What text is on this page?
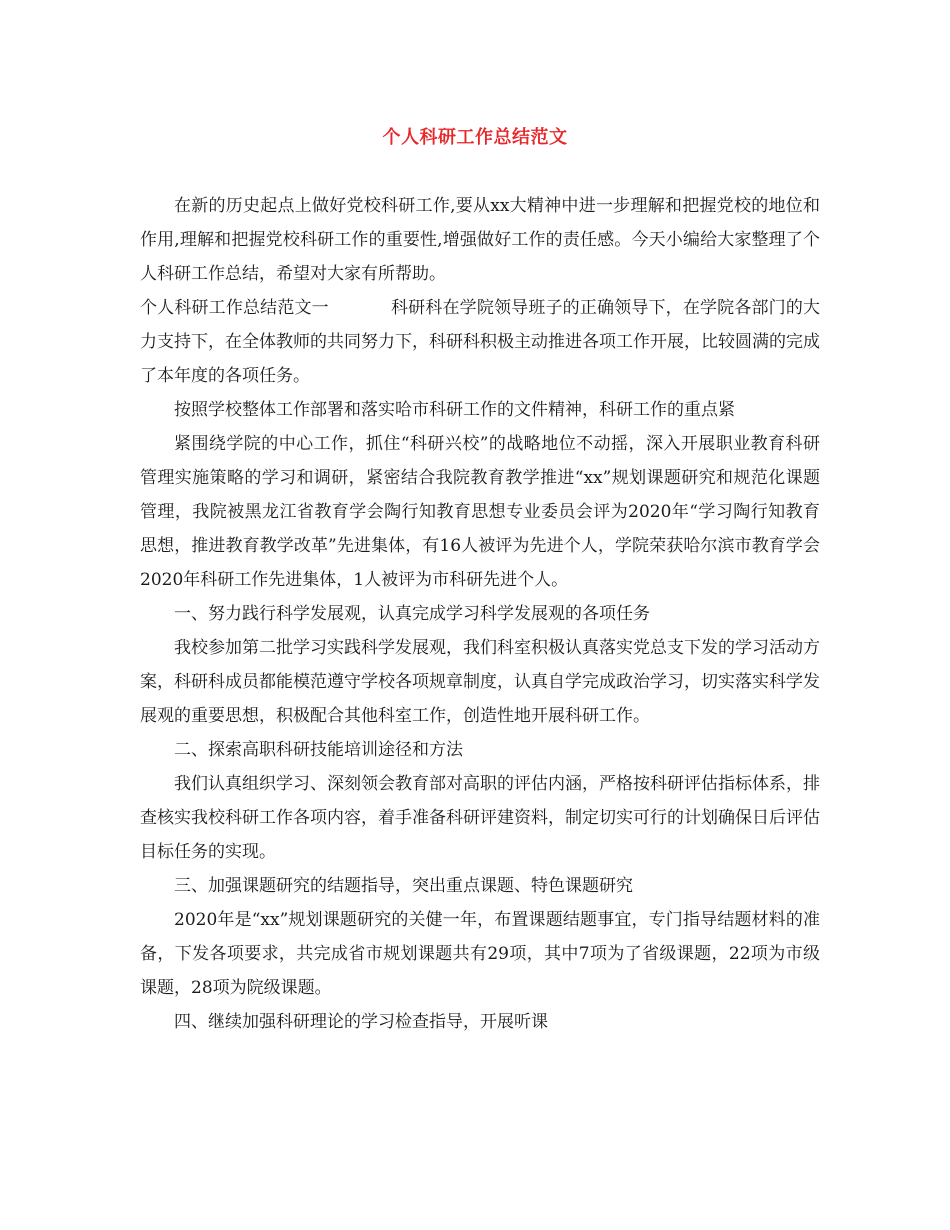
个人科研工作总结范文

在新的历史起点上做好党校科研工作,要从xx大精神中进一步理解和把握党校的地位和作用,理解和把握党校科研工作的重要性,增强做好工作的责任感。今天小编给大家整理了个人科研工作总结，希望对大家有所帮助。

个人科研工作总结范文一	科研科在学院领导班子的正确领导下，在学院各部门的大力支持下，在全体教师的共同努力下，科研科积极主动推进各项工作开展，比较圆满的完成了本年度的各项任务。

按照学校整体工作部署和落实哈市科研工作的文件精神，科研工作的重点紧

紧围绕学院的中心工作，抓住“科研兴校”的战略地位不动摇，深入开展职业教育科研管理实施策略的学习和调研，紧密结合我院教育教学推进“xx”规划课题研究和规范化课题管理，我院被黑龙江省教育学会陶行知教育思想专业委员会评为2020年“学习陶行知教育思想，推进教育教学改革”先进集体，有16人被评为先进个人，学院荣获哈尔滨市教育学会2020年科研工作先进集体，1人被评为市科研先进个人。

一、努力践行科学发展观，认真完成学习科学发展观的各项任务

我校参加第二批学习实践科学发展观，我们科室积极认真落实党总支下发的学习活动方案，科研科成员都能模范遵守学校各项规章制度，认真自学完成政治学习，切实落实科学发展观的重要思想，积极配合其他科室工作，创造性地开展科研工作。

二、探索高职科研技能培训途径和方法

我们认真组织学习、深刻领会教育部对高职的评估内涵，严格按科研评估指标体系，排查核实我校科研工作各项内容，着手准备科研评建资料，制定切实可行的计划确保日后评估目标任务的实现。

三、加强课题研究的结题指导，突出重点课题、特色课题研究

2020年是“xx”规划课题研究的关健一年，布置课题结题事宜，专门指导结题材料的准备，下发各项要求，共完成省市规划课题共有29项，其中7项为了省级课题，22项为市级课题，28项为院级课题。

四、继续加强科研理论的学习检查指导，开展听课
